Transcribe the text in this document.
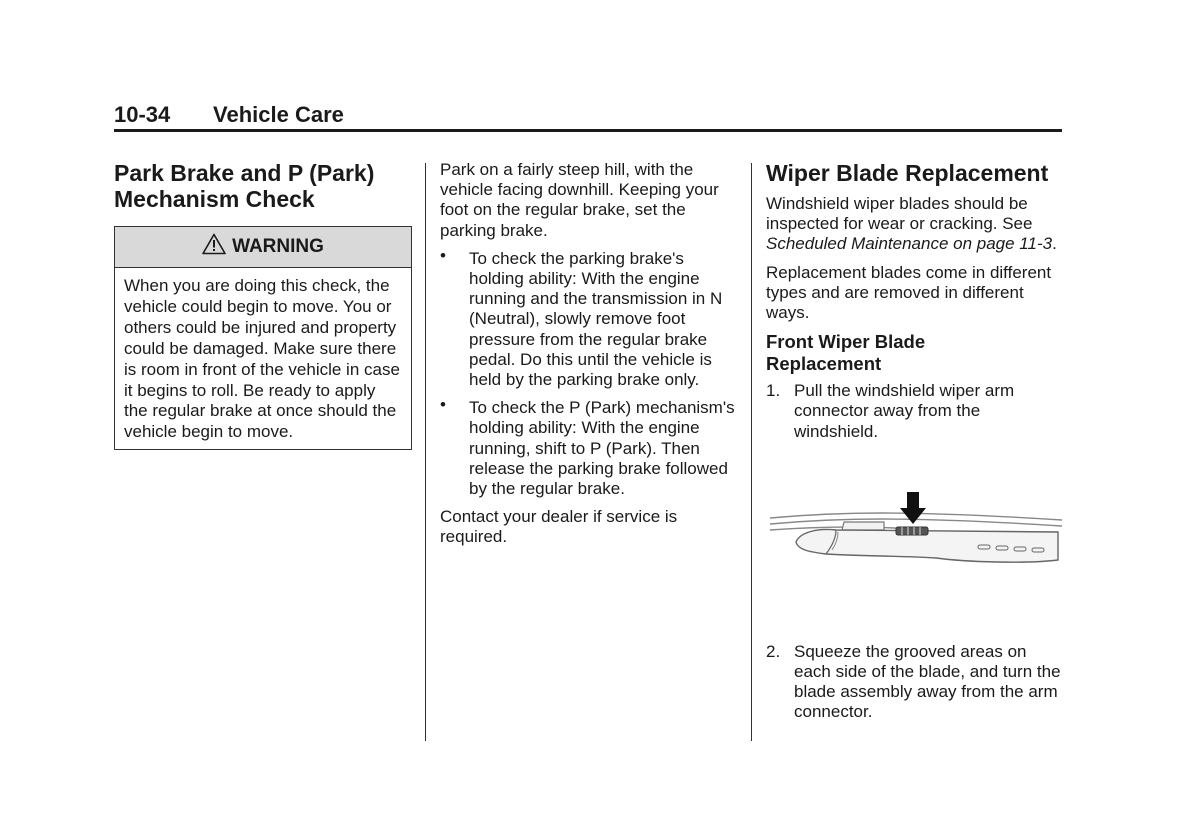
10-34 Vehicle Care
Park Brake and P (Park)
Mechanism Check
WARNING
When you are doing this check, the vehicle could begin to move. You or others could be injured and property could be damaged. Make sure there is room in front of the vehicle in case it begins to roll. Be ready to apply the regular brake at once should the vehicle begin to move.

Park on a fairly steep hill, with the vehicle facing downhill. Keeping your foot on the regular brake, set the parking brake.

• To check the parking brake's holding ability: With the engine running and the transmission in N (Neutral), slowly remove foot pressure from the regular brake pedal. Do this until the vehicle is held by the parking brake only.
• To check the P (Park) mechanism's holding ability: With the engine running, shift to P (Park). Then release the parking brake followed by the regular brake.

Contact your dealer if service is required.

Wiper Blade Replacement

Windshield wiper blades should be inspected for wear or cracking. See Scheduled Maintenance on page 11-3.

Replacement blades come in different types and are removed in different ways.

Front Wiper Blade
Replacement
1. Pull the windshield wiper arm connector away from the windshield.
2. Squeeze the grooved areas on each side of the blade, and turn the blade assembly away from the arm connector.
